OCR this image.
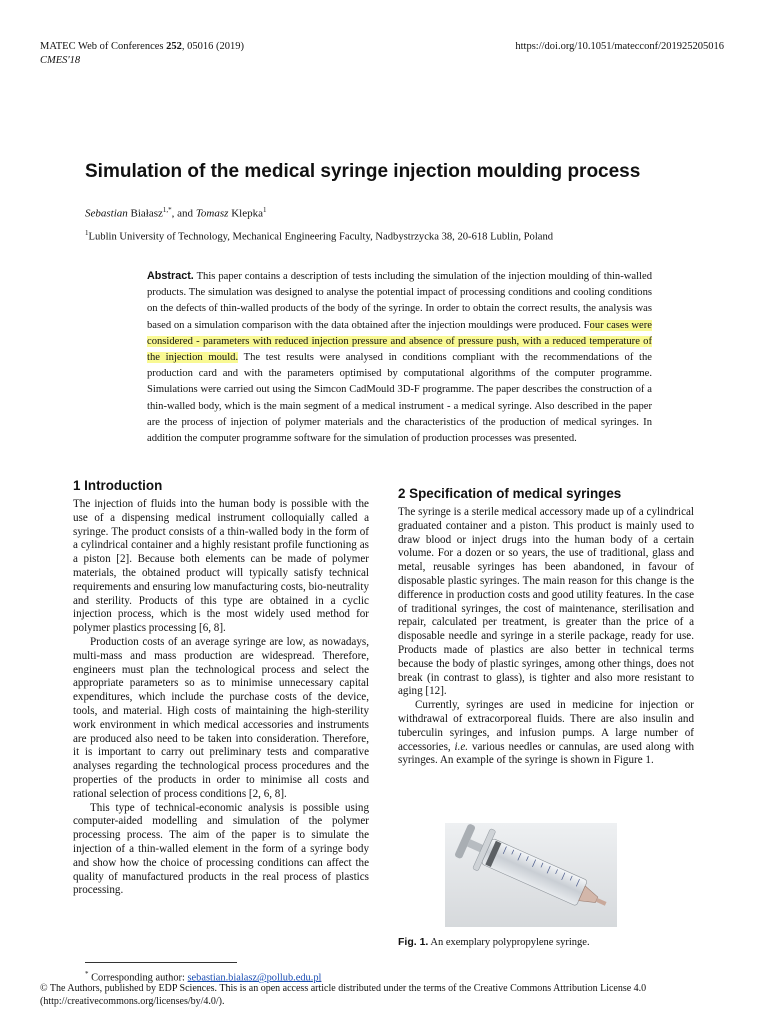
MATEC Web of Conferences 252, 05016 (2019)
CMES'18
https://doi.org/10.1051/matecconf/201925205016
Simulation of the medical syringe injection moulding process
Sebastian Białasz$^{1,*}$, and Tomasz Klepka$^1$
$^1$Lublin University of Technology, Mechanical Engineering Faculty, Nadbystrzycka 38, 20-618 Lublin, Poland
Abstract. This paper contains a description of tests including the simulation of the injection moulding of thin-walled products. The simulation was designed to analyse the potential impact of processing conditions and cooling conditions on the defects of thin-walled products of the body of the syringe. In order to obtain the correct results, the analysis was based on a simulation comparison with the data obtained after the injection mouldings were produced. Four cases were considered - parameters with reduced injection pressure and absence of pressure push, with a reduced temperature of the injection mould. The test results were analysed in conditions compliant with the recommendations of the production card and with the parameters optimised by computational algorithms of the computer programme. Simulations were carried out using the Simcon CadMould 3D-F programme. The paper describes the construction of a thin-walled body, which is the main segment of a medical instrument - a medical syringe. Also described in the paper are the process of injection of polymer materials and the characteristics of the production of medical syringes. In addition the computer programme software for the simulation of production processes was presented.
1 Introduction

The injection of fluids into the human body is possible with the use of a dispensing medical instrument colloquially called a syringe. The product consists of a thin-walled body in the form of a cylindrical container and a highly resistant profile functioning as a piston [2]. Because both elements can be made of polymer materials, the obtained product will typically satisfy technical requirements and ensuring low manufacturing costs, bio-neutrality and sterility. Products of this type are obtained in a cyclic injection process, which is the most widely used method for polymer plastics processing [6, 8].

Production costs of an average syringe are low, as nowadays, multi-mass and mass production are widespread. Therefore, engineers must plan the technological process and select the appropriate parameters so as to minimise unnecessary capital expenditures, which include the purchase costs of the device, tools, and material. High costs of maintaining the high-sterility work environment in which medical accessories and instruments are produced also need to be taken into consideration. Therefore, it is important to carry out preliminary tests and comparative analyses regarding the technological process procedures and the properties of the products in order to minimise all costs and rational selection of process conditions [2, 6, 8].

This type of technical-economic analysis is possible using computer-aided modelling and simulation of the polymer processing process. The aim of the paper is to simulate the injection of a thin-walled element in the form of a syringe body and show how the choice of processing conditions can affect the quality of manufactured products in the real process of plastics processing.

2 Specification of medical syringes

The syringe is a sterile medical accessory made up of a cylindrical graduated container and a piston. This product is mainly used to draw blood or inject drugs into the human body of a certain volume. For a dozen or so years, the use of traditional, glass and metal, reusable syringes has been abandoned, in favour of disposable plastic syringes. The main reason for this change is the difference in production costs and good utility features. In the case of traditional syringes, the cost of maintenance, sterilisation and repair, calculated per treatment, is greater than the price of a disposable needle and syringe in a sterile package, ready for use. Products made of plastics are also better in technical terms because the body of plastic syringes, among other things, does not break (in contrast to glass), is tighter and also more resistant to aging [12].

Currently, syringes are used in medicine for injection or withdrawal of extracorporeal fluids. There are also insulin and tuberculin syringes, and infusion pumps. A large number of accessories, i.e. various needles or cannulas, are used along with syringes. An example of the syringe is shown in Figure 1.

Fig. 1. An exemplary polypropylene syringe.
* Corresponding author: sebastian.bialasz@pollub.edu.pl
© The Authors, published by EDP Sciences. This is an open access article distributed under the terms of the Creative Commons Attribution License 4.0
(http://creativecommons.org/licenses/by/4.0/).
